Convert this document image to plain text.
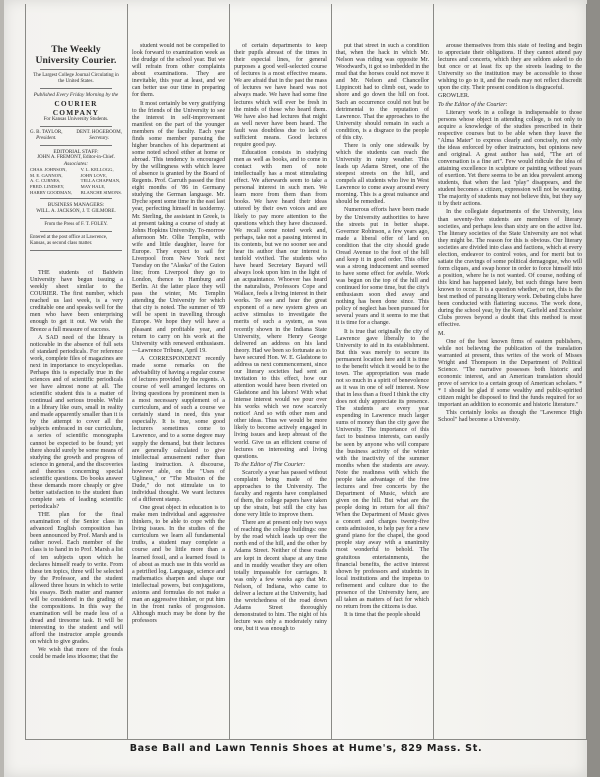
The Weekly University Courier.
The Largest College Journal Circulating in the United States.
Published Every Friday Morning by the
COURIER COMPANY
For Kansas University Students.
G. B. TAYLOR,
President.
DENT. HOGEBOOM,
Secretary.
EDITORIAL STAFF:
JOHN A. FREMONT, Editor-in-Chief.
Associates:
CHAS. JOHNSON,
M. E. GANNON,
A. C. CURNES,
FRED. LINDSEY,
HARRY GOODMAN,
V. L. KELLOGG,
JOHN LOVE,
TELLA CHAPMAN,
MAY HALE,
BLANCHE SIMONS.
BUSINESS MANAGERS:
WILL. A. JACKSON, J. T. GILMORE.
From the Press of F. T. FOLEY.
Entered at the post office at Lawrence, Kansas, as second class matter.

THE students of Baldwin University have begun issuing a weekly sheet similar to the COURIER. The first number, which reached us last week, is a very creditable one and speaks well for the men who have been enterprising enough to get it out. We wish the Breeze a full measure of success.

A SAD need of the library is noticeable in the absence of full sets of standard periodicals. For reference work, complete files of magazines are next in importance to encyclopedias. Perhaps this is especially true in the sciences and of scientific periodicals we have almost none at all. The scientific student this is a matter of continual and serious trouble. While in a library like ours, small in reality and made apparently smaller than it is by the attempt to cover all the subjects embraced in our curriculum, a series of scientific monographs cannot be expected to be found; yet there should surely be some means of studying the growth and progress of science in general, and the discoveries and theories concerning special scientific questions. Do books answer these demands more cheaply or give better satisfaction to the student than complete sets of leading scientific periodicals?

THE plan for the final examination of the Senior class in advanced English composition has been announced by Prof. Marsh and is rather novel. Each member of the class is to hand in to Prof. Marsh a list of ten subjects upon which he declares himself ready to write. From these ten topics, three will be selected by the Professor, and the student allowed three hours in which to write his essays. Both matter and manner will be considered in the grading of the compositions. In this way the examination will be made less of a dread and tiresome task. It will be interesting to the student and will afford the instructor ample grounds on which to give grades.

We wish that more of the fouls could be made less irksome; that the

student would not be compelled to look forward to examination week as the drudge of the school year. But we will refrain from other complaints about examinations. They are inevitable, this year at least, and we can better use our time in preparing for them.

It most certainly be very gratifying to the friends of the University to see the interest in self-improvement manifest on the part of the younger members of the faculty. Each year finds some member pursuing the higher branches of his department at some noted school either at home or abroad. This tendency is encouraged by the willingness with which leave of absence is granted by the Board of Regents. Prof. Carruth passed the first eight months of '86 in Germany studying the German language. Mr. Dyche spent some time in the east last year, perfecting himself in taxidermy. Mr. Sterling, the assistant in Greek, is at present taking a course of study at Johns Hopkins University. To-morrow afternoon Mr. Ollie Templin, with wife and little daughter, leave for Europe. They expect to sail for Liverpool from New York next Tuesday on the "Alaska" of the Guion line; from Liverpool they go to London, thence to Hamburg and Berlin. At the latter place they will pass the winter, Mr. Templin attending the University for which that city is noted. The summer of '89 will be spent in travelling through Europe. We hope they will have a pleasant and profitable year, and return to carry on his work at the University with renewed enthusiasm. —Lawrence Tribune, April 19.

A CORRESPONDENT recently made some remarks on the advisability of having a regular course of lectures provided by the regents. A course of well arranged lectures on living questions by prominent men is a most necessary supplement of a curriculum, and of such a course we certainly stand in need, this year especially. It is true, some good lecturers sometimes come to Lawrence, and to a some degree may supply the demand, but their lectures are generally calculated to give intellectual amusement rather than lasting instruction. A discourse, however able, on the "Uses of Ugliness," or "The Mission of the Dude," do not stimulate us to individual thought. We want lectures of a different stamp.

One great object in education is to make men individual and aggressive thinkers, to be able to cope with the living issues. In the studies of the curriculum we learn all fundamental truths, a student may complete a course and be little more than a learned fossil, and a learned fossil is of about as much use in this world as a petrified log. Language, science and mathematics sharpen and shape our intellectual powers, but conjugations, axioms and formulas do not make a man an aggressive thinker, or put him in the front ranks of progression. Although much may be done by the professors

of certain departments to keep their pupils abreast of the times in their especial lines, for general purposes a good well-selected course of lectures is a most effective means. We are afraid that in the past the mass of lectures we have heard was not always made. We have had some fine lectures which will ever be fresh in the minds of those who heard them. We have also had lectures that might as well never have been heard. The fault was doubtless due to lack of sufficient means. Good lectures require good pay.

Education consists in studying men as well as books, and to come in contact with men of note intellectually has a most stimulating effect. We afterwards seem to take a personal interest in such men. We learn more from them than from books. We have heard their ideas uttered by their own voices and are likely to pay more attention to the questions which they have discussed. We recall some noted work and, perhaps, take not a passing interest in its contents, but we no sooner see and hear its author than our interest is tenfold vivified. The students who have heard Secretary Bayard will always look upon him in the light of an acquaintance. Whoever has heard the naturalists, Professors Cope and Wallace, feels a living interest in their works. To see and hear the great exponent of a new system gives an active stimulus to investigate the merits of such a system, as was recently shown in the Indiana State University, where Henry George delivered an address on his land theory. Had we been so fortunate as to have secured Hon. W. E. Gladstone to address us next commencement, since our literary societies had sent an invitation to this effect, how our attention would have been riveted on Gladstone and his labors! With what intense interest would we pour over his works which we now scarcely notice! And so with other men and other ideas. Thus we would be more likely to become actively engaged in living issues and keep abreast of the world. Give us an efficient course of lectures on interesting and living questions.

To the Editor of The Courier:

Scarcely a year has passed without complaint being made of the approaches to the University. The faculty and regents have complained of them, the college papers have taken up the strain, but still the city has done very little to improve them.

There are at present only two ways of reaching the college buildings: one by the road which leads up over the north end of the hill, and the other by Adams Street. Neither of these roads are kept in decent shape at any time and in muddy weather they are often totally impassable for carriages. It was only a few weeks ago that Mr. Nelson, of Indiana, who came to deliver a lecture at the University, had the wretchedness of the road down Adams Street thoroughly demonstrated to him. The night of his lecture was only a moderately rainy one, but it was enough to

put that street in such a condition that, when the hack in which Mr. Nelson was riding was opposite Mr. Woodward's, it got so imbedded in the mud that the horses could not move it and Mr. Nelson and Chancellor Lippincott had to climb out, wade to shore and go down the hill on foot. Such an occurrence could not but be detrimental to the reputation of Lawrence. That the approaches to the University should remain in such a condition, is a disgrace to the people of this city.

There is only one sidewalk by which the students can reach the University in rainy weather. This leads up Adams Street, one of the steepest streets on the hill, and compels all students who live in West Lawrence to come away around every morning. This is a great nuisance and should be remedied.

Numerous efforts have been made by the University authorities to have the streets put in better shape. Governor Robinson, a few years ago, made a liberal offer of land on condition that the city should grade Oread Avenue to the foot of the hill and keep it in good order. This offer was a strong inducement and seemed to have some effect for awhile. Work was begun on the top of the hill and continued for some time, but the city's enthusiasm soon died away and nothing has been done since. This policy of neglect has been pursued for several years and it seems to me that it is time for a change.

It is true that originally the city of Lawrence gave liberally to the University to aid in its establishment. But this was merely to secure its permanent location here and it is time to the benefit which it would be to the town. The appropriation was made not so much in a spirit of benevolence as it was in one of self interest. Now that in less than a fixed I think the city does not duly appreciate its presence. The students are every year expending in Lawrence much larger sums of money than the city gave the University. The importance of this fact to business interests, can easily be seen by anyone who will compare the business activity of the winter with the inactivity of the summer months when the students are away. Note the readiness with which the people take advantage of the free lectures and free concerts by the Department of Music, which are given on the hill. But what are the people doing in return for all this? When the Department of Music gives a concert and charges twenty-five cents admission, to help pay for a new grand piano for the chapel, the good people stay away with a unanimity most wonderful to behold. The gratuitous entertainments, the financial benefits, the active interest shown by professors and students in local institutions and the impetus to refinement and culture due to the presence of the University here, are all taken as matters of fact for which no return from the citizens is due.

It is time that the people should

arouse themselves from this state of feeling and begin to appreciate their obligations. If they cannot attend pay lectures and concerts, which they are seldom asked to do but once or at least fix up the streets leading to the University so the institution may be accessible to those wishing to go to it, and the roads may not reflect discredit upon the city. Their present condition is disgraceful.

GROWLER.

To the Editor of the Courier:

Literary work in a college is indispensable to those persons whose object in attending college, is not only to acquire a knowledge of the studies prescribed in their respective courses but to be able when they leave the "Alma Mater" to express clearly and concisely, not only the ideas enforced by other instructors, but opinions new and original. A great author has said, "The art of conversation is a fine art". Few would ridicule the idea of attaining excellence in sculpture or painting without years of exertion. Yet there seems to be an idea prevalent among students, that when the last "play" disappears, and the student becomes a citizen, expression will not be wanting. The majority of students may not believe this, but they say it by their actions.

In the collegiate departments of the University, less than seventy-five students are members of literary societies, and perhaps less than sixty are on the active list. The literary societies of the State University are not what they might be. The reason for this is obvious. Our literary societies are divided into class and factions, which at every election, endeavor to control votes, and for merit but to satiate the cravings of some political demagogue, who will form cliques, and swap honor in order to force himself into a position, where he is not wanted. Of course, nothing of this kind has happened lately, but such things have been known to occur. It is a question whether, or not, this is the best method of pursuing literary work. Debating clubs have been conducted with flattering success. The work done, during the school year, by the Kent, Garfield and Excelsior Clubs proves beyond a doubt that this method is most effective.

M.

One of the best known firms of eastern publishers, while not believing the publication of the translation warranted at present, thus writes of the work of Misses Wright and Thompson in the Department of Political Science. "The narrative possesses both historic and economic interest, and an American translation should prove of service to a certain group of American scholars. * * I should be glad if some wealthy and public-spirited citizen might be disposed to find the funds required for so important an addition to economic and historic literature."

This certainly looks as though the "Lawrence High School" had become a University.

Base Ball and Lawn Tennis Shoes at Hume's, 829 Mass. St.
